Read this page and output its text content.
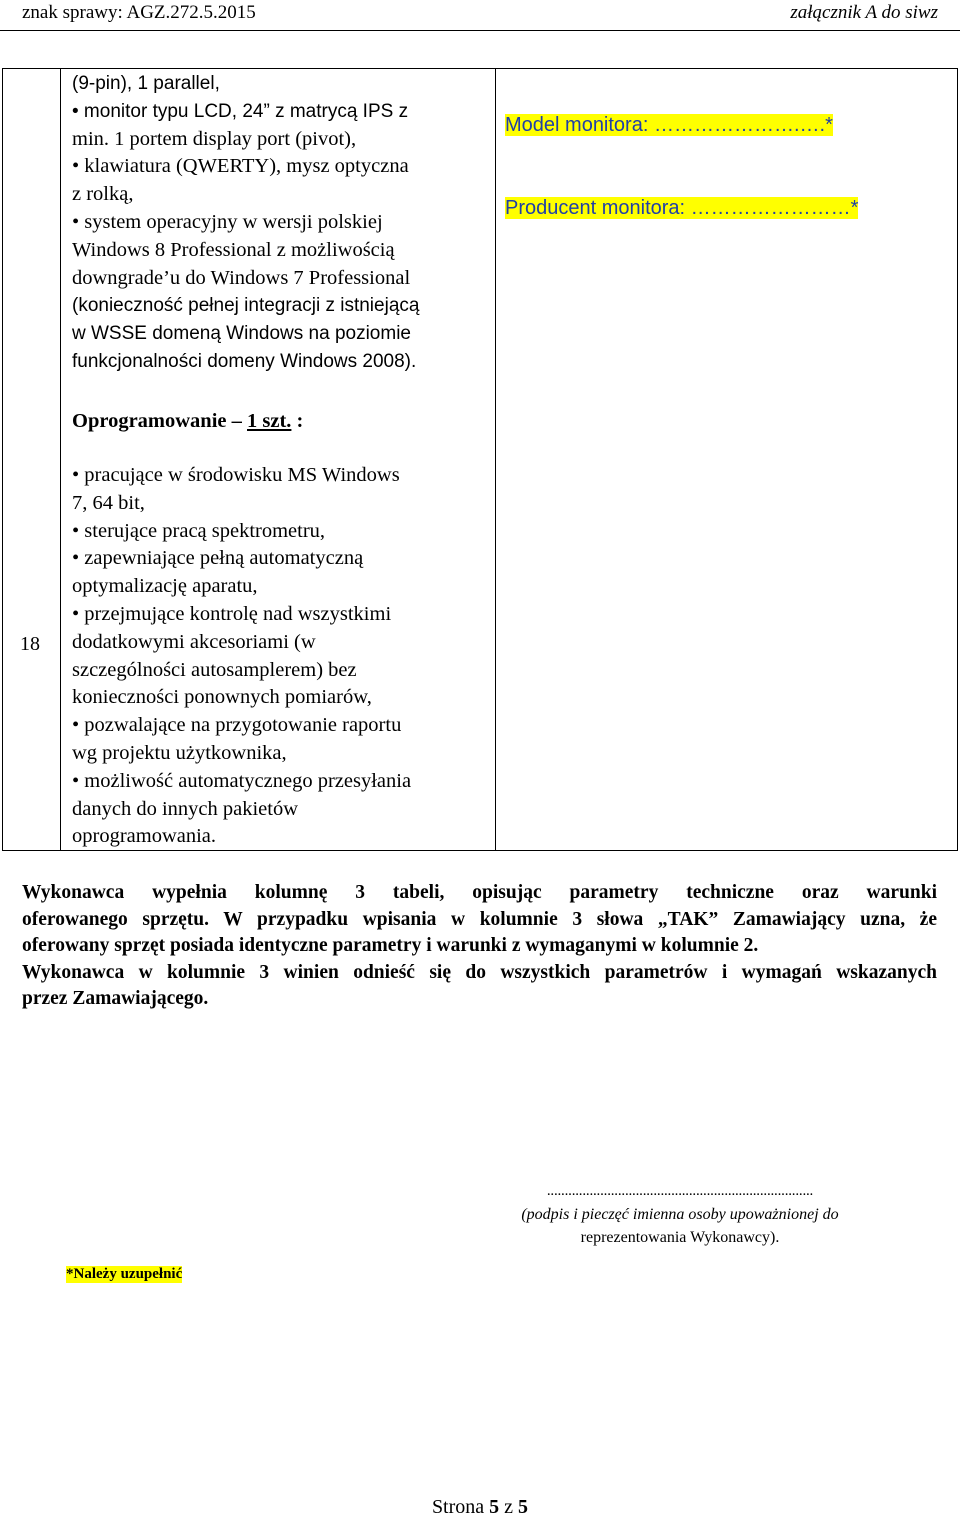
znak sprawy: AGZ.272.5.2015	załącznik A do siwz
18
(9-pin), 1 parallel,
• monitor typu LCD, 24” z matrycą IPS z
min. 1 portem display port (pivot),
• klawiatura (QWERTY), mysz optyczna
z rolką,
• system operacyjny w wersji polskiej
Windows 8 Professional z możliwością
downgrade’u do Windows 7 Professional
(konieczność pełnej integracji z istniejącą
w WSSE domeną Windows na poziomie
funkcjonalności domeny Windows 2008).
Oprogramowanie – 1 szt. :
• pracujące w środowisku MS Windows
7, 64 bit,
• sterujące pracą spektrometru,
• zapewniające pełną automatyczną
optymalizację aparatu,
• przejmujące kontrolę nad wszystkimi
dodatkowymi akcesoriami (w
szczególności autosamplerem) bez
konieczności ponownych pomiarów,
• pozwalające na przygotowanie raportu
wg projektu użytkownika,
• możliwość automatycznego przesyłania
danych do innych pakietów
oprogramowania.
Model monitora: ………………….….*
Producent monitora: ……………………*

Wykonawca wypełnia kolumnę 3 tabeli, opisując parametry techniczne oraz warunki

oferowanego sprzętu. W przypadku wpisania w kolumnie 3 słowa „TAK” Zamawiający uzna, że

oferowany sprzęt posiada identyczne parametry i warunki z wymaganymi w kolumnie 2.

Wykonawca w kolumnie 3 winien odnieść się do wszystkich parametrów i wymagań wskazanych

przez Zamawiającego.

...........................................................................
(podpis i pieczęć imienna osoby upoważnionej do
reprezentowania Wykonawcy).
*Należy uzupełnić
Strona 5 z 5
